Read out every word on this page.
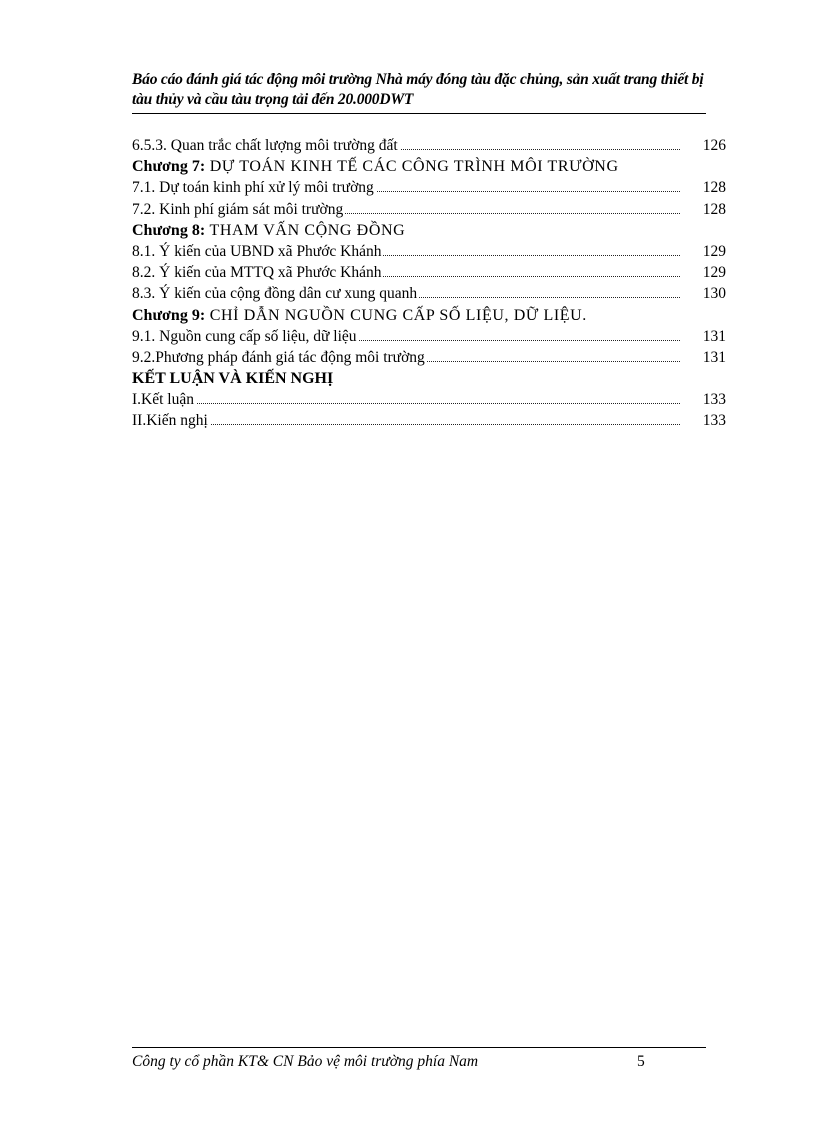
Báo cáo đánh giá tác động môi trường Nhà máy đóng tàu đặc chủng, sản xuất trang thiết bị tàu thủy và cầu tàu trọng tải đến 20.000DWT

6.5.3. Quan trắc chất lượng môi trường đất	126
Chương 7: DỰ TOÁN KINH TẾ CÁC CÔNG TRÌNH MÔI TRƯỜNG
7.1. Dự toán kinh phí xử lý môi trường	128
7.2. Kinh phí giám sát môi trường	128
Chương 8: THAM VẤN CỘNG ĐỒNG
8.1. Ý kiến của UBND xã Phước Khánh	129
8.2. Ý kiến của MTTQ xã Phước Khánh	129
8.3. Ý kiến của cộng đồng dân cư xung quanh	130
Chương 9: CHỈ DẪN NGUỒN CUNG CẤP SỐ LIỆU, DỮ LIỆU.
9.1. Nguồn cung cấp số liệu, dữ liệu	131
9.2.Phương pháp đánh giá tác động môi trường	131
KẾT LUẬN VÀ KIẾN NGHỊ
I.Kết luận	133
II.Kiến nghị	133
Công ty cổ phần KT& CN Bảo vệ môi trường phía Nam	5
